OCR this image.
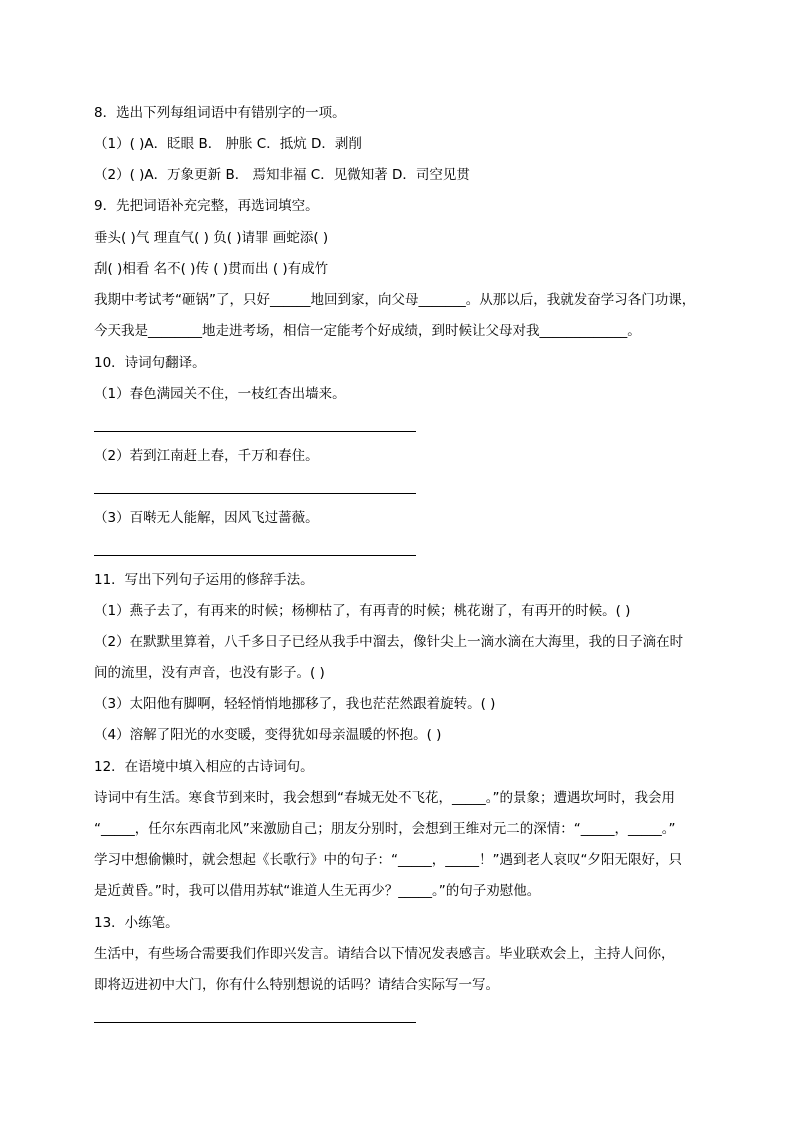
8．选出下列每组词语中有错别字的一项。
（1）( )A．眨眼 B． 肿胀 C．抵炕 D．剥削
（2）( )A．万象更新 B． 焉知非福 C．见微知著 D．司空见贯
9．先把词语补充完整，再选词填空。
垂头( )气 理直气( ) 负( )请罪 画蛇添( )
刮( )相看 名不( )传 ( )贯而出 ( )有成竹
我期中考试考“砸锅”了，只好______地回到家，向父母_______。从那以后，我就发奋学习各门功课，
今天我是________地走进考场，相信一定能考个好成绩，到时候让父母对我_____________。
10．诗词句翻译。
（1）春色满园关不住，一枝红杏出墙来。
（2）若到江南赶上春，千万和春住。
（3）百啭无人能解，因风飞过蔷薇。
11．写出下列句子运用的修辞手法。
（1）燕子去了，有再来的时候；杨柳枯了，有再青的时候；桃花谢了，有再开的时候。( )
（2）在默默里算着，八千多日子已经从我手中溜去，像针尖上一滴水滴在大海里，我的日子滴在时
间的流里，没有声音，也没有影子。( )
（3）太阳他有脚啊，轻轻悄悄地挪移了，我也茫茫然跟着旋转。( )
（4）溶解了阳光的水变暖，变得犹如母亲温暖的怀抱。( )
12．在语境中填入相应的古诗词句。
诗词中有生活。寒食节到来时，我会想到“春城无处不飞花，_____。”的景象；遭遇坎坷时，我会用
“_____，任尔东西南北风”来激励自己；朋友分别时，会想到王维对元二的深情：“_____，_____。”
学习中想偷懒时，就会想起《长歌行》中的句子：“_____，_____！”遇到老人哀叹“夕阳无限好，只
是近黄昏。”时，我可以借用苏轼“谁道人生无再少？_____。”的句子劝慰他。
13．小练笔。
生活中，有些场合需要我们作即兴发言。请结合以下情况发表感言。毕业联欢会上，主持人问你，
即将迈进初中大门，你有什么特别想说的话吗？请结合实际写一写。
